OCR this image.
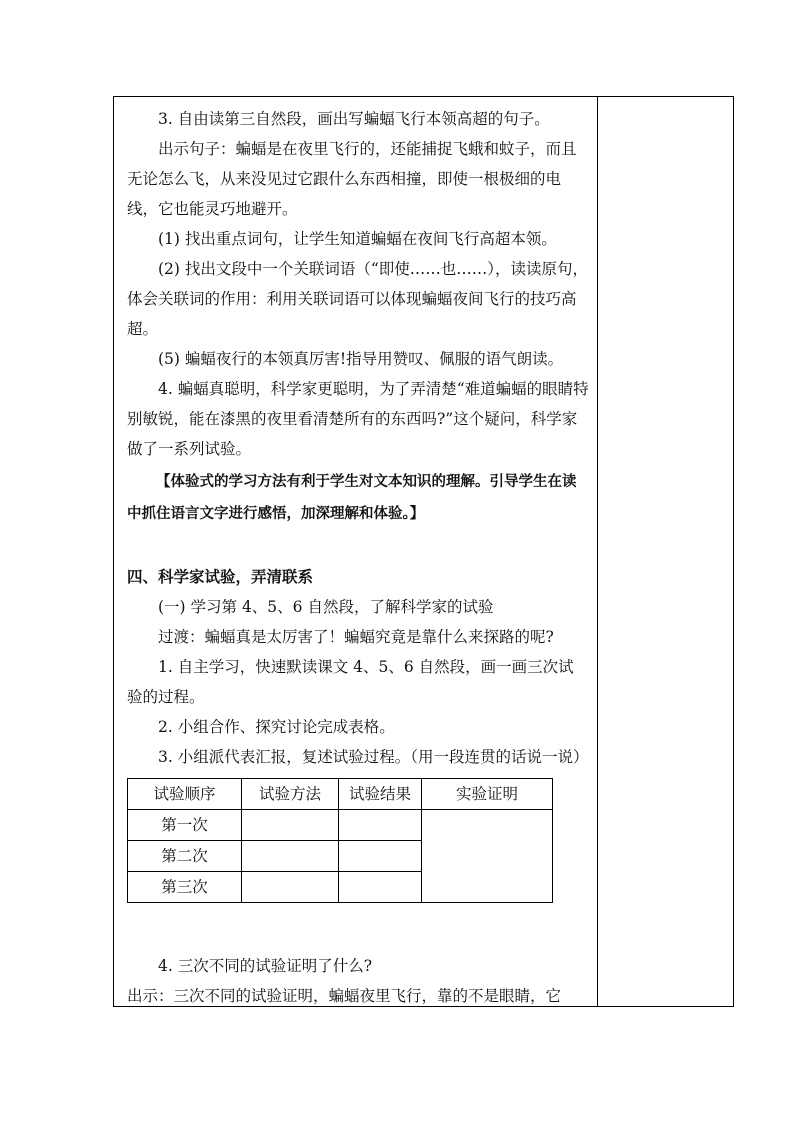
3. 自由读第三自然段，画出写蝙蝠飞行本领高超的句子。

出示句子：蝙蝠是在夜里飞行的，还能捕捉飞蛾和蚊子，而且无论怎么飞，从来没见过它跟什么东西相撞，即使一根极细的电线，它也能灵巧地避开。

(1) 找出重点词句，让学生知道蝙蝠在夜间飞行高超本领。

(2) 找出文段中一个关联词语（“即使……也……），读读原句，体会关联词的作用：利用关联词语可以体现蝙蝠夜间飞行的技巧高超。

(5) 蝙蝠夜行的本领真厉害!指导用赞叹、佩服的语气朗读。

4. 蝙蝠真聪明，科学家更聪明，为了弄清楚“难道蝙蝠的眼睛特别敏锐，能在漆黑的夜里看清楚所有的东西吗?”这个疑问，科学家做了一系列试验。

【体验式的学习方法有利于学生对文本知识的理解。引导学生在读中抓住语言文字进行感悟，加深理解和体验。】

四、科学家试验，弄清联系

(一) 学习第 4、5、6 自然段，了解科学家的试验

过渡：蝙蝠真是太厉害了！蝙蝠究竟是靠什么来探路的呢?

1. 自主学习，快速默读课文 4、5、6 自然段，画一画三次试验的过程。

2. 小组合作、探究讨论完成表格。

3. 小组派代表汇报，复述试验过程。（用一段连贯的话说一说）

试验顺序	试验方法	试验结果	实验证明
第一次			
第二次			
第三次			

4. 三次不同的试验证明了什么?

出示：三次不同的试验证明，蝙蝠夜里飞行，靠的不是眼睛，它
